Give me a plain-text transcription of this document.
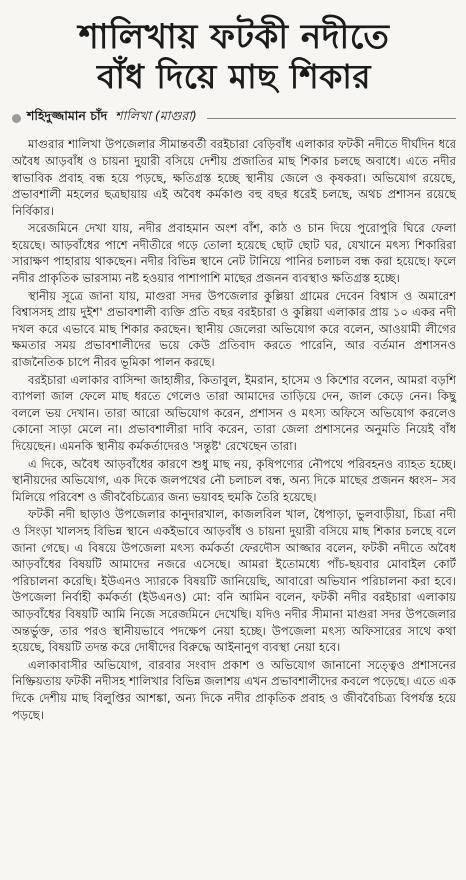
শালিখায় ফটকী নদীতে
বাঁধ দিয়ে মাছ শিকার
শহিদুজ্জামান চাঁদ শালিখা (মাগুরা)

মাগুরার শালিখা উপজেলার সীমান্তবর্তী বরইচারা বেড়িবাঁধ এলাকার ফটকী নদীতে দীর্ঘদিন ধরে অবৈধ আড়বাঁধ ও চায়না দুয়ারী বসিয়ে দেশীয় প্রজাতির মাছ শিকার চলছে অবাধে। এতে নদীর স্বাভাবিক প্রবাহ বন্ধ হয়ে পড়ছে, ক্ষতিগ্রস্ত হচ্ছে স্থানীয় জেলে ও কৃষকরা। অভিযোগ রয়েছে, প্রভাবশালী মহলের ছত্রছায়ায় এই অবৈধ কর্মকাণ্ড বহু বছর ধরেই চলছে, অথচ প্রশাসন রয়েছে নির্বিকার।

সরেজমিনে দেখা যায়, নদীর প্রবাহমান অংশ বাঁশ, কাঠ ও চান দিয়ে পুরোপুরি ঘিরে ফেলা হয়েছে। আড়বাঁধের পাশে নদীতীরে গড়ে তোলা হয়েছে ছোট ছোট ঘর, যেখানে মৎস্য শিকারিরা সারাক্ষণ পাহারায় থাকছেন। নদীর বিভিন্ন স্থানে নেট টানিয়ে পানির চলাচল বন্ধ করা হয়েছে। ফলে নদীর প্রাকৃতিক ভারসাম্য নষ্ট হওয়ার পাশাপাশি মাছের প্রজনন ব্যবস্থাও ক্ষতিগ্রস্ত হচ্ছে।

স্থানীয় সূত্রে জানা যায়, মাগুরা সদর উপজেলার কুল্লিয়া গ্রামের দেবেন বিশ্বাস ও অমারেশ বিশ্বাসসহ প্রায় দুইশ' প্রভাবশালী ব্যক্তি প্রতি বছর বরইচারা ও কুল্লিয়া এলাকার প্রায় ১০ একর নদী দখল করে এভাবে মাছ শিকার করছেন। স্থানীয় জেলেরা অভিযোগ করে বলেন, আওয়ামী লীগের ক্ষমতার সময় প্রভাবশালীদের ভয়ে কেউ প্রতিবাদ করতে পারেনি, আর বর্তমান প্রশাসনও রাজনৈতিক চাপে নীরব ভূমিকা পালন করছে।

বরইচারা এলাকার বাসিন্দা জাহাঙ্গীর, কিতাবুল, ইমরান, হাসেম ও কিশোর বলেন, আমরা বড়শি ব্যাপলা জাল ফেলে মাছ ধরতে গেলেও তারা আমাদের তাড়িয়ে দেন, জাল কেড়ে নেন। কিছু বললে ভয় দেখান। তারা আরো অভিযোগ করেন, প্রশাসন ও মৎস্য অফিসে অভিযোগ করলেও কোনো সাড়া মেলে না। প্রভাবশালীরা দাবি করেন, তারা জেলা প্রশাসনের অনুমতি নিয়েই বাঁধ দিয়েছেন। এমনকি স্থানীয় কর্মকর্তাদেরও 'সন্তুষ্ট' রেখেছেন তারা।

এ দিকে, অবৈধ আড়বাঁধের কারণে শুধু মাছ নয়, কৃষিপণ্যের নৌপথে পরিবহনও ব্যাহত হচ্ছে। স্থানীয়দের অভিযোগ, এক দিকে জলপথের নৌ চলাচল বন্ধ, অন্য দিকে মাছের প্রজনন ধ্বংস– সব মিলিয়ে পরিবেশ ও জীববৈচিত্র্যের জন্য ভয়াবহ হুমকি তৈরি হয়েছে।

ফটকী নদী ছাড়াও উপজেলার কানুদারখাল, কাজলবিল খাল, ধৈপাড়া, ভুলবাড়ীয়া, চিত্রা নদী ও সিংড়া খালসহ বিভিন্ন স্থানে একইভাবে আড়বাঁধ ও চায়না দুয়ারী বসিয়ে মাছ শিকার চলছে বলে জানা গেছে। এ বিষয়ে উপজেলা মৎস্য কর্মকর্তা ফেরদৌস আজ্জার বলেন, ফটকী নদীতে অবৈধ আড়বাঁধের বিষয়টি আমাদের নজরে এসেছে। আমরা ইতোমধ্যে পাঁচ-ছয়বার মোবাইল কোর্ট পরিচালনা করেছি। ইউএনও স্যারকে বিষয়টি জানিয়েছি, আবারো অভিযান পরিচালনা করা হবে। উপজেলা নির্বাহী কর্মকর্তা (ইউএনও) মো: বনি আমিন বলেন, ফটকী নদীর বরইচারা এলাকায় আড়বাঁধের বিষয়টি আমি নিজে সরেজমিনে দেখেছি। যদিও নদীর সীমানা মাগুরা সদর উপজেলার অন্তর্ভুক্ত, তার পরও স্থানীয়ভাবে পদক্ষেপ নেয়া হচ্ছে। উপজেলা মৎস্য অফিসারের সাথে কথা হয়েছে, বিষয়টি তদন্ত করে দোষীদের বিরুদ্ধে আইনানুগ ব্যবস্থা নেয়া হবে।

এলাকাবাসীর অভিযোগ, বারবার সংবাদ প্রকাশ ও অভিযোগ জানানো সত্ত্বেও প্রশাসনের নিষ্ক্রিয়তায় ফটকী নদীসহ শালিখার বিভিন্ন জলাশয় এখন প্রভাবশালীদের কবলে পড়েছে। এতে এক দিকে দেশীয় মাছ বিলুপ্তির আশঙ্কা, অন্য দিকে নদীর প্রাকৃতিক প্রবাহ ও জীববৈচিত্র্য বিপর্যস্ত হয়ে পড়ছে।
